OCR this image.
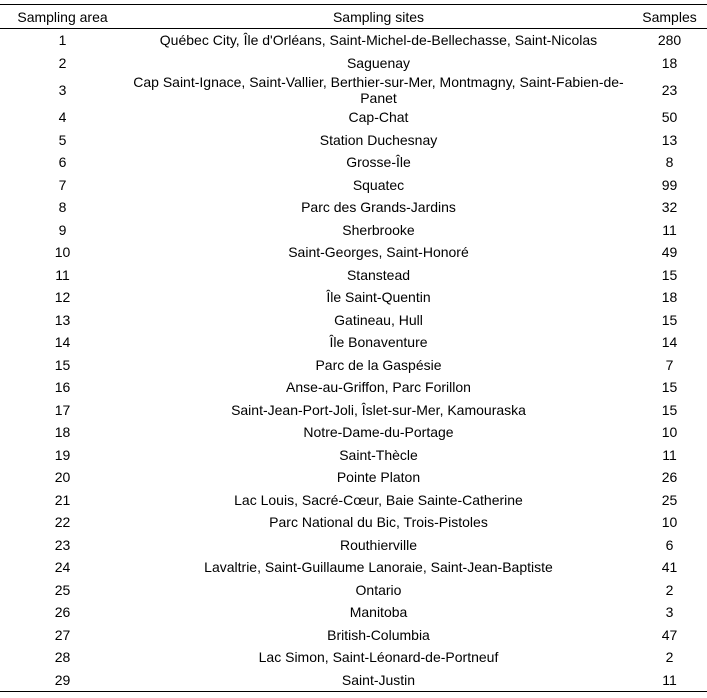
Sampling area	Sampling sites	Samples
1	Québec City, Île d'Orléans, Saint-Michel-de-Bellechasse, Saint-Nicolas	280
2	Saguenay	18
3	Cap Saint-Ignace, Saint-Vallier, Berthier-sur-Mer, Montmagny, Saint-Fabien-de-Panet	23
4	Cap-Chat	50
5	Station Duchesnay	13
6	Grosse-Île	8
7	Squatec	99
8	Parc des Grands-Jardins	32
9	Sherbrooke	11
10	Saint-Georges, Saint-Honoré	49
11	Stanstead	15
12	Île Saint-Quentin	18
13	Gatineau, Hull	15
14	Île Bonaventure	14
15	Parc de la Gaspésie	7
16	Anse-au-Griffon, Parc Forillon	15
17	Saint-Jean-Port-Joli, Îslet-sur-Mer, Kamouraska	15
18	Notre-Dame-du-Portage	10
19	Saint-Thècle	11
20	Pointe Platon	26
21	Lac Louis, Sacré-Cœur, Baie Sainte-Catherine	25
22	Parc National du Bic, Trois-Pistoles	10
23	Routhierville	6
24	Lavaltrie, Saint-Guillaume Lanoraie, Saint-Jean-Baptiste	41
25	Ontario	2
26	Manitoba	3
27	British-Columbia	47
28	Lac Simon, Saint-Léonard-de-Portneuf	2
29	Saint-Justin	11
